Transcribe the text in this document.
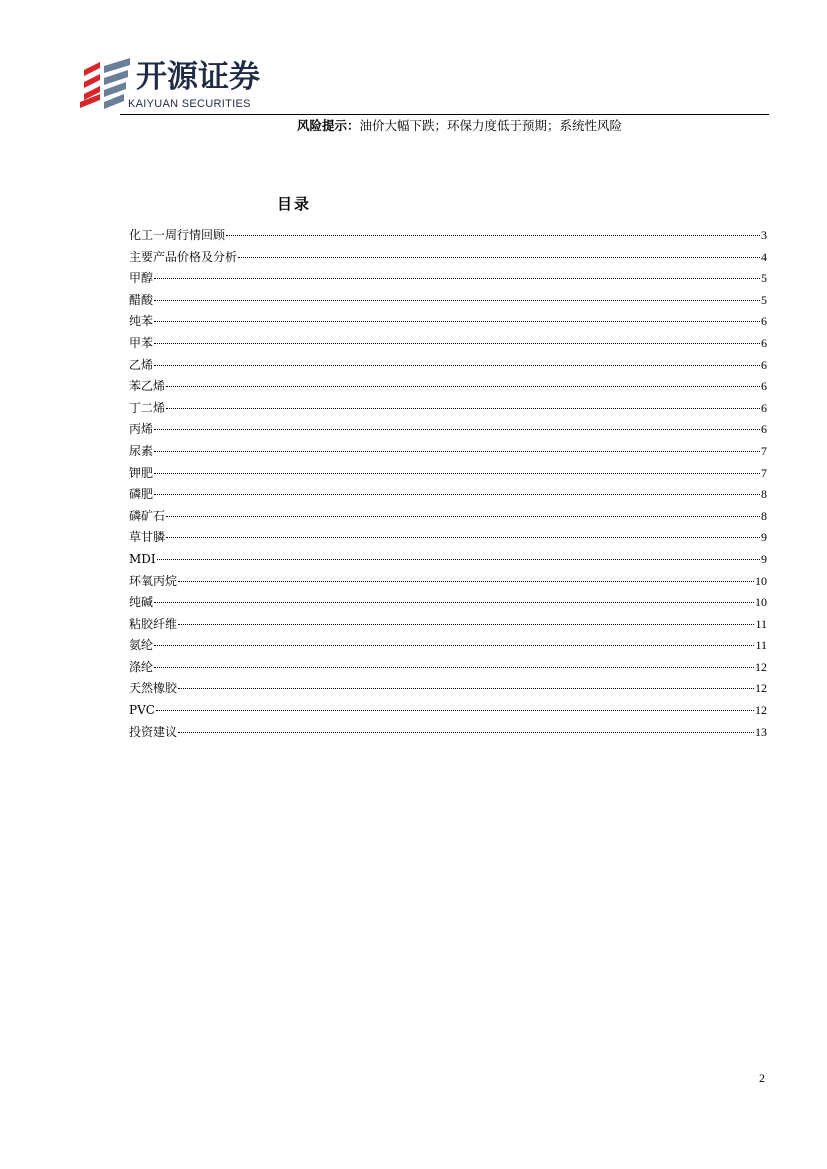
开源证券
KAIYUAN SECURITIES
风险提示：油价大幅下跌；环保力度低于预期；系统性风险
目录
化工一周行情回顾	3
主要产品价格及分析	4
甲醇	5
醋酸	5
纯苯	6
甲苯	6
乙烯	6
苯乙烯	6
丁二烯	6
丙烯	6
尿素	7
钾肥	7
磷肥	8
磷矿石	8
草甘膦	9
MDI	9
环氧丙烷	10
纯碱	10
粘胶纤维	11
氨纶	11
涤纶	12
天然橡胶	12
PVC	12
投资建议	13
2
